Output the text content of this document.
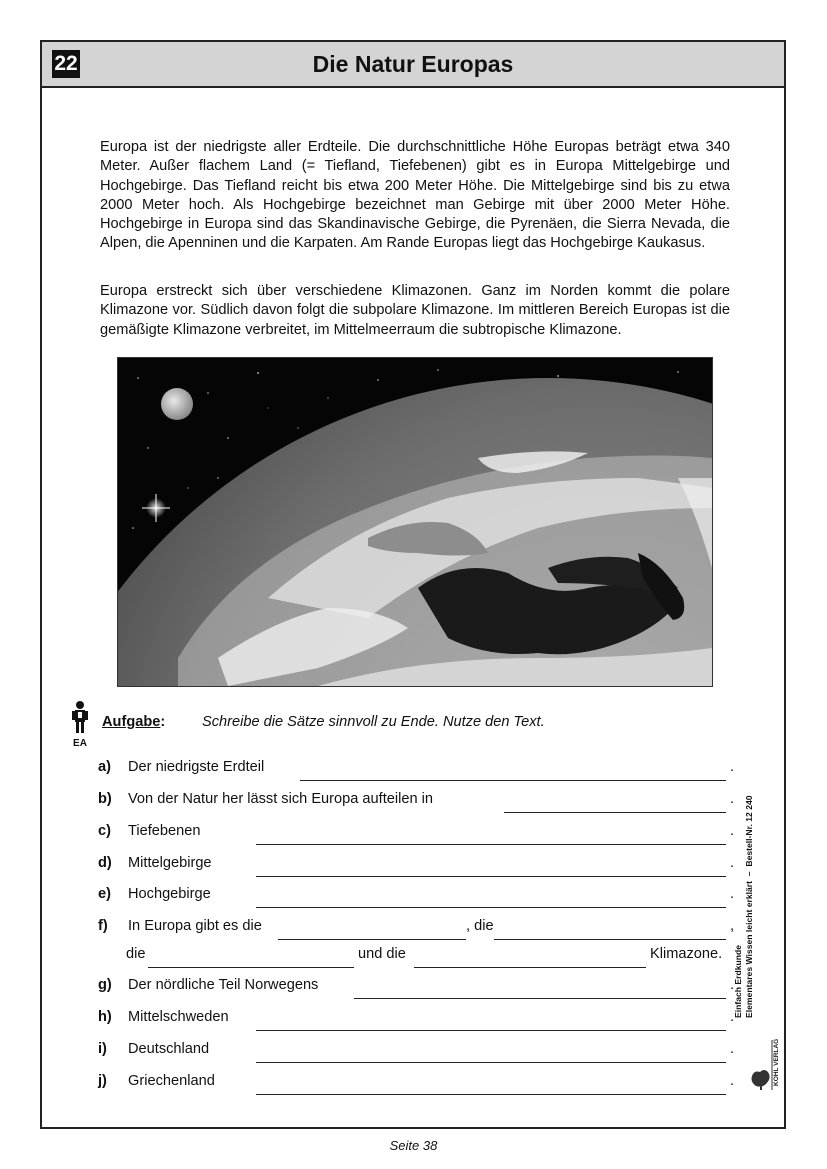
22	Die Natur Europas

Europa ist der niedrigste aller Erdteile. Die durchschnittliche Höhe Europas beträgt etwa 340 Meter. Außer flachem Land (= Tiefland, Tiefebenen) gibt es in Europa Mittelgebirge und Hochgebirge. Das Tiefland reicht bis etwa 200 Meter Höhe. Die Mittelgebirge sind bis zu etwa 2000 Meter hoch. Als Hochgebirge bezeichnet man Gebirge mit über 2000 Meter Höhe. Hochgebirge in Europa sind das Skandinavische Gebirge, die Pyrenäen, die Sierra Nevada, die Alpen, die Apenninen und die Karpaten. Am Rande Europas liegt das Hochgebirge Kaukasus.

Europa erstreckt sich über verschiedene Klimazonen. Ganz im Norden kommt die polare Klimazone vor. Südlich davon folgt die subpolare Klimazone. Im mittleren Bereich Europas ist die gemäßigte Klimazone verbreitet, im Mittelmeerraum die subtropische Klimazone.

EA
Aufgabe:	Schreibe die Sätze sinnvoll zu Ende. Nutze den Text.
a) Der niedrigste Erdteil	.
b) Von der Natur her lässt sich Europa aufteilen in	.
c) Tiefebenen	.
d) Mittelgebirge	.
e) Hochgebirge	.
f) In Europa gibt es die	, die	,
die	und die	Klimazone.
g) Der nördliche Teil Norwegens	.
h) Mittelschweden	.
i) Deutschland	.
j) Griechenland	.
Einfach Erdkunde Elementares Wissen leicht erklärt  –  Bestell-Nr. 12 240
KOHL VERLAG
Seite 38
